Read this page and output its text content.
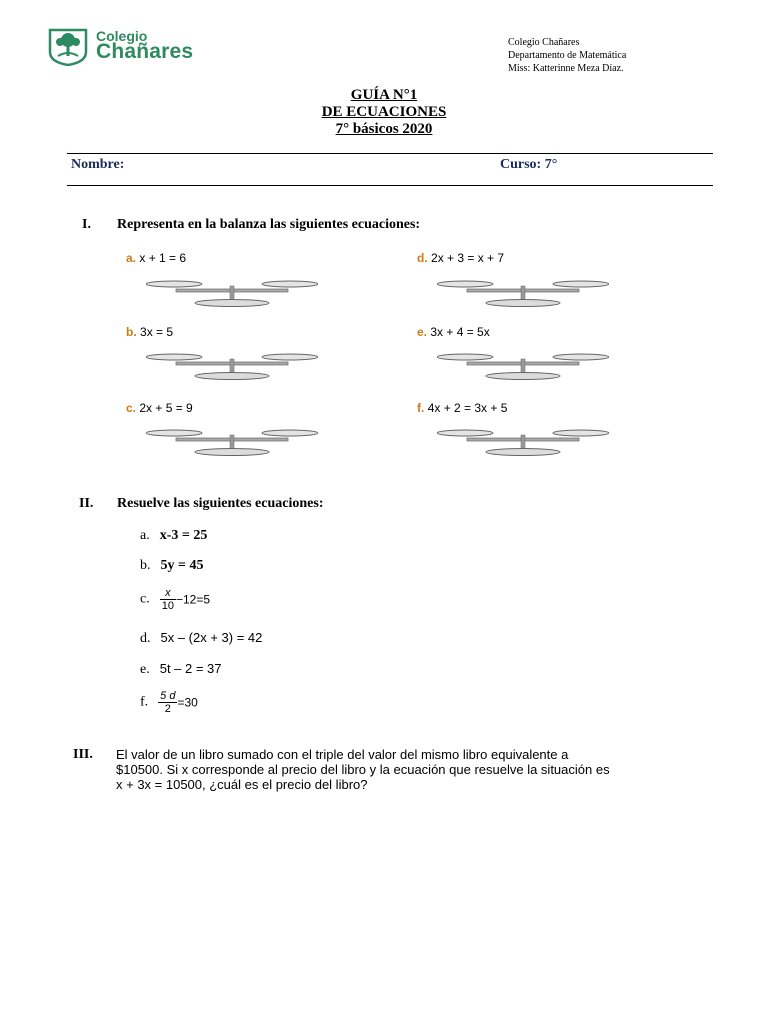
Colegio
Chañares	Colegio Chañares
Departamento de Matemática
Miss: Katterinne Meza Díaz.
GUÍA N°1
DE ECUACIONES
7° básicos 2020
Nombre:	Curso: 7°
I. Representa en la balanza las siguientes ecuaciones:
a. x + 1 = 6
b. 3x = 5
c. 2x + 5 = 9
d. 2x + 3 = x + 7
e. 3x + 4 = 5x
f. 4x + 2 = 3x + 5
II. Resuelve las siguientes ecuaciones:
a. x-3 = 25
b. 5y = 45
c. $\frac{x}{10} -12=5$
d. 5x – (2x + 3) = 42
e. 5t – 2 = 37
f. $\frac{5 d}{2} =30$
III. El valor de un libro sumado con el triple del valor del mismo libro equivalente a
$10500. Si x corresponde al precio del libro y la ecuación que resuelve la situación es
x + 3x = 10500, ¿cuál es el precio del libro?
